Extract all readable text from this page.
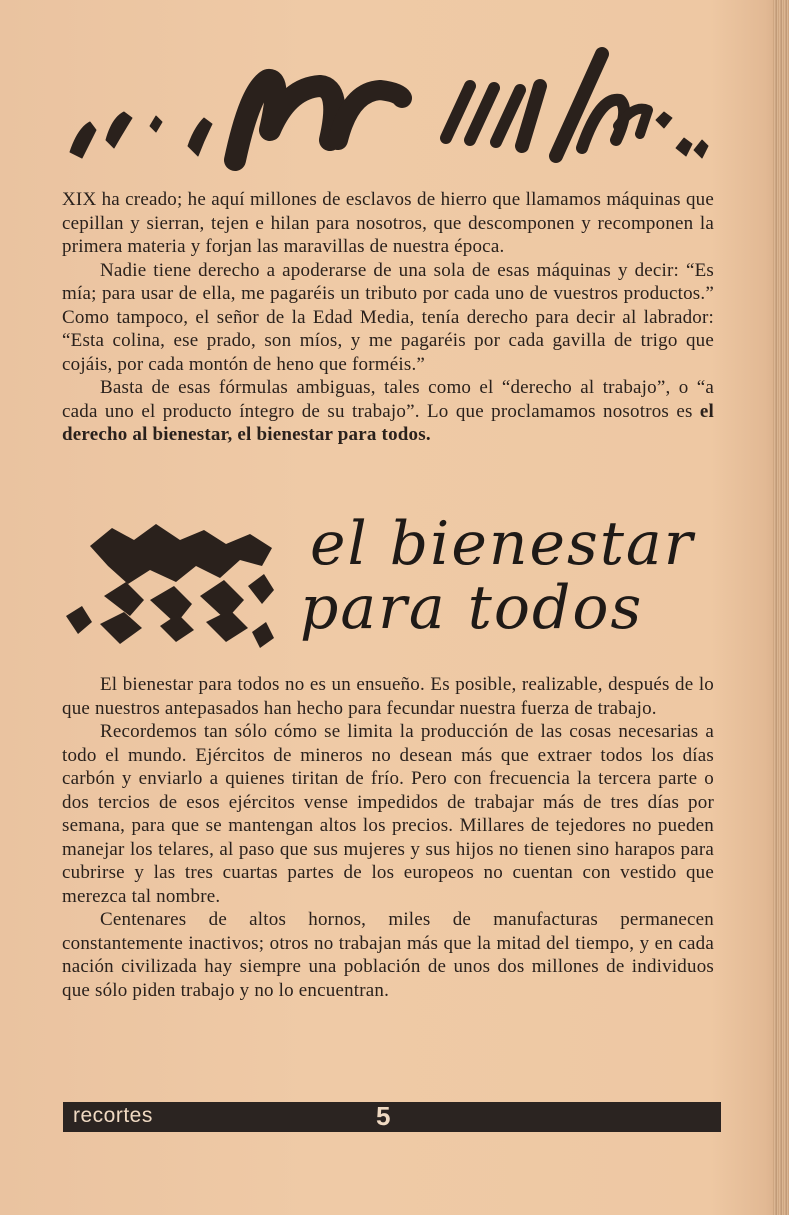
XIX ha creado; he aquí millones de esclavos de hierro que llamamos máquinas que cepillan y sierran, tejen e hilan para nosotros, que descomponen y recomponen la primera materia y forjan las maravillas de nuestra época.

Nadie tiene derecho a apoderarse de una sola de esas máquinas y decir: “Es mía; para usar de ella, me pagaréis un tributo por cada uno de vuestros productos.” Como tampoco, el señor de la Edad Media, tenía derecho para decir al labrador: “Esta colina, ese prado, son míos, y me pagaréis por cada gavilla de trigo que cojáis, por cada montón de heno que forméis.”

Basta de esas fórmulas ambiguas, tales como el “derecho al trabajo”, o “a cada uno el producto íntegro de su trabajo”. Lo que proclamamos nosotros es el derecho al bienestar, el bienestar para todos.

el bienestar
para todos

El bienestar para todos no es un ensueño. Es posible, realizable, después de lo que nuestros antepasados han hecho para fecundar nuestra fuerza de trabajo.

Recordemos tan sólo cómo se limita la producción de las cosas necesarias a todo el mundo. Ejércitos de mineros no desean más que extraer todos los días carbón y enviarlo a quienes tiritan de frío. Pero con frecuencia la tercera parte o dos tercios de esos ejércitos vense impedidos de trabajar más de tres días por semana, para que se mantengan altos los precios. Millares de tejedores no pueden manejar los telares, al paso que sus mujeres y sus hijos no tienen sino harapos para cubrirse y las tres cuartas partes de los europeos no cuentan con vestido que merezca tal nombre.

Centenares de altos hornos, miles de manufacturas permanecen constantemente inactivos; otros no trabajan más que la mitad del tiempo, y en cada nación civilizada hay siempre una población de unos dos millones de individuos que sólo piden trabajo y no lo encuentran.

recortes	5
